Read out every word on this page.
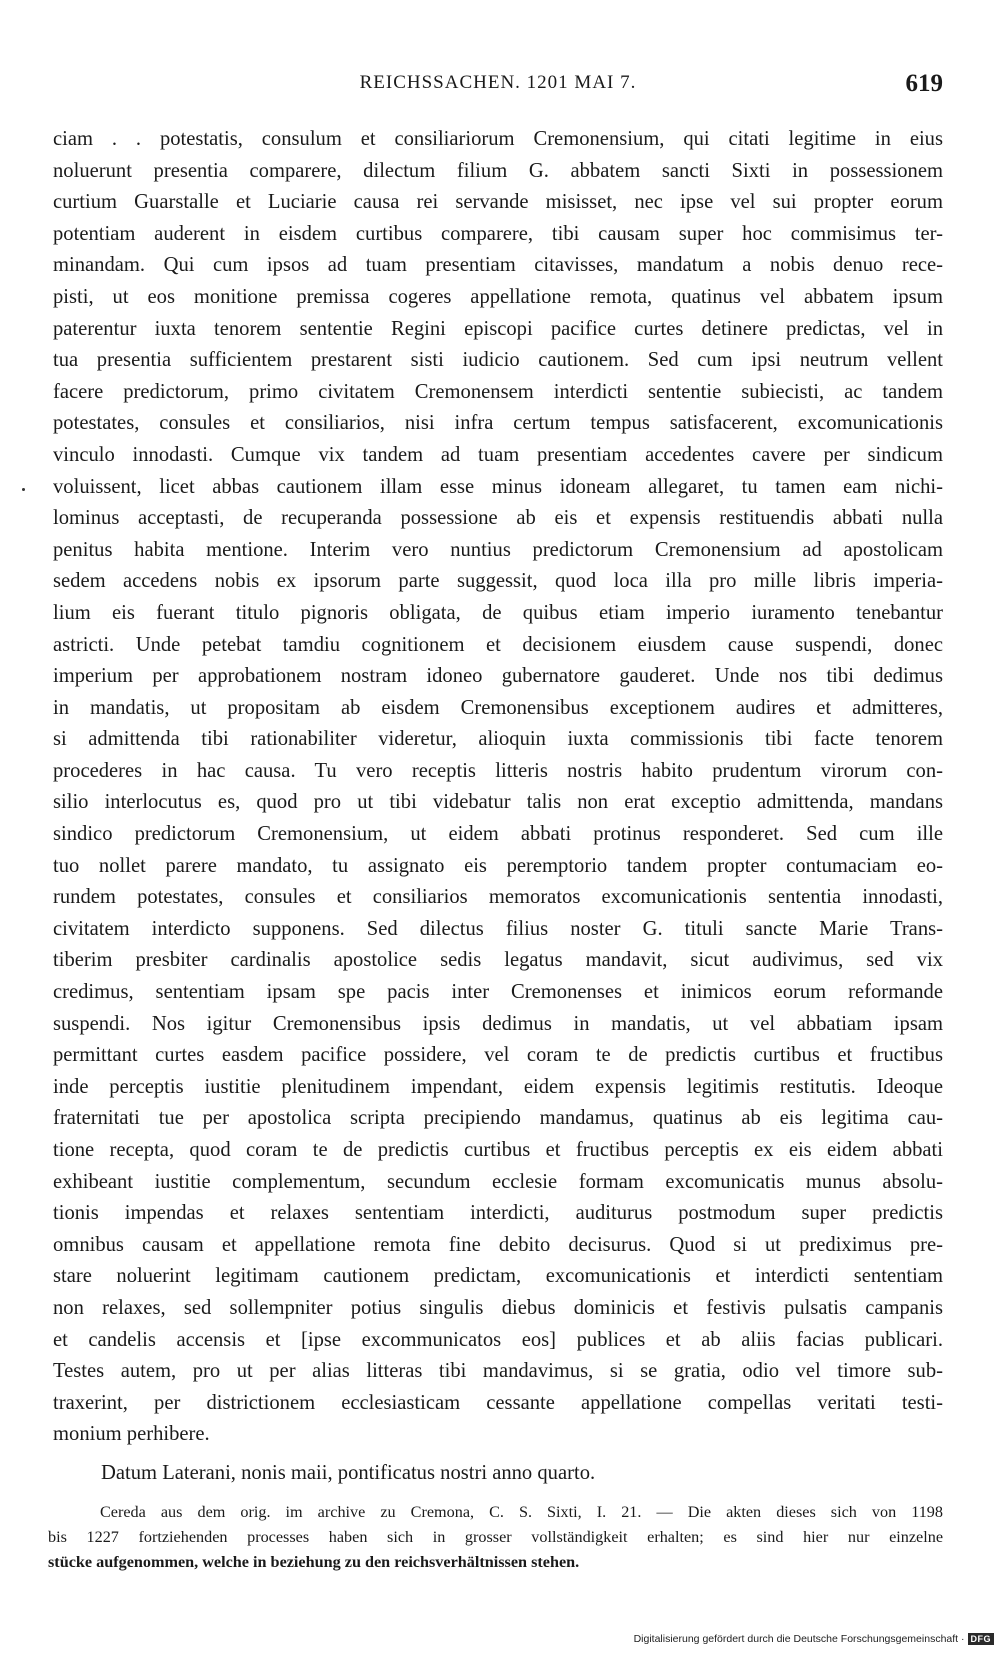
REICHSSACHEN. 1201 MAI 7.	619
ciam . . potestatis, consulum et consiliariorum Cremonensium, qui citati legitime in eius
noluerunt presentia comparere, dilectum filium G. abbatem sancti Sixti in possessionem
curtium Guarstalle et Luciarie causa rei servande misisset, nec ipse vel sui propter eorum
potentiam auderent in eisdem curtibus comparere, tibi causam super hoc commisimus ter-
minandam. Qui cum ipsos ad tuam presentiam citavisses, mandatum a nobis denuo rece-
pisti, ut eos monitione premissa cogeres appellatione remota, quatinus vel abbatem ipsum
paterentur iuxta tenorem sententie Regini episcopi pacifice curtes detinere predictas, vel in
tua presentia sufficientem prestarent sisti iudicio cautionem. Sed cum ipsi neutrum vellent
facere predictorum, primo civitatem Cremonensem interdicti sententie subiecisti, ac tandem
potestates, consules et consiliarios, nisi infra certum tempus satisfacerent, excomunicationis
vinculo innodasti. Cumque vix tandem ad tuam presentiam accedentes cavere per sindicum
voluissent, licet abbas cautionem illam esse minus idoneam allegaret, tu tamen eam nichi-
lominus acceptasti, de recuperanda possessione ab eis et expensis restituendis abbati nulla
penitus habita mentione. Interim vero nuntius predictorum Cremonensium ad apostolicam
sedem accedens nobis ex ipsorum parte suggessit, quod loca illa pro mille libris imperia-
lium eis fuerant titulo pignoris obligata, de quibus etiam imperio iuramento tenebantur
astricti. Unde petebat tamdiu cognitionem et decisionem eiusdem cause suspendi, donec
imperium per approbationem nostram idoneo gubernatore gauderet. Unde nos tibi dedimus
in mandatis, ut propositam ab eisdem Cremonensibus exceptionem audires et admitteres,
si admittenda tibi rationabiliter videretur, alioquin iuxta commissionis tibi facte tenorem
procederes in hac causa. Tu vero receptis litteris nostris habito prudentum virorum con-
silio interlocutus es, quod pro ut tibi videbatur talis non erat exceptio admittenda, mandans
sindico predictorum Cremonensium, ut eidem abbati protinus responderet. Sed cum ille
tuo nollet parere mandato, tu assignato eis peremptorio tandem propter contumaciam eo-
rundem potestates, consules et consiliarios memoratos excomunicationis sententia innodasti,
civitatem interdicto supponens. Sed dilectus filius noster G. tituli sancte Marie Trans-
tiberim presbiter cardinalis apostolice sedis legatus mandavit, sicut audivimus, sed vix
credimus, sententiam ipsam spe pacis inter Cremonenses et inimicos eorum reformande
suspendi. Nos igitur Cremonensibus ipsis dedimus in mandatis, ut vel abbatiam ipsam
permittant curtes easdem pacifice possidere, vel coram te de predictis curtibus et fructibus
inde perceptis iustitie plenitudinem impendant, eidem expensis legitimis restitutis. Ideoque
fraternitati tue per apostolica scripta precipiendo mandamus, quatinus ab eis legitima cau-
tione recepta, quod coram te de predictis curtibus et fructibus perceptis ex eis eidem abbati
exhibeant iustitie complementum, secundum ecclesie formam excomunicatis munus absolu-
tionis impendas et relaxes sententiam interdicti, auditurus postmodum super predictis
omnibus causam et appellatione remota fine debito decisurus. Quod si ut prediximus pre-
stare noluerint legitimam cautionem predictam, excomunicationis et interdicti sententiam
non relaxes, sed sollempniter potius singulis diebus dominicis et festivis pulsatis campanis
et candelis accensis et [ipse excommunicatos eos] publices et ab aliis facias publicari.
Testes autem, pro ut per alias litteras tibi mandavimus, si se gratia, odio vel timore sub-
traxerint, per districtionem ecclesiasticam cessante appellatione compellas veritati testi-
monium perhibere.
Datum Laterani, nonis maii, pontificatus nostri anno quarto.
Cereda aus dem orig. im archive zu Cremona, C. S. Sixti, I. 21. — Die akten dieses sich von 1198
bis 1227 fortziehenden processes haben sich in grosser vollständigkeit erhalten; es sind hier nur einzelne
stücke aufgenommen, welche in beziehung zu den reichsverhältnissen stehen.
Digitalisierung gefördert durch die Deutsche Forschungsgemeinschaft · DFG
